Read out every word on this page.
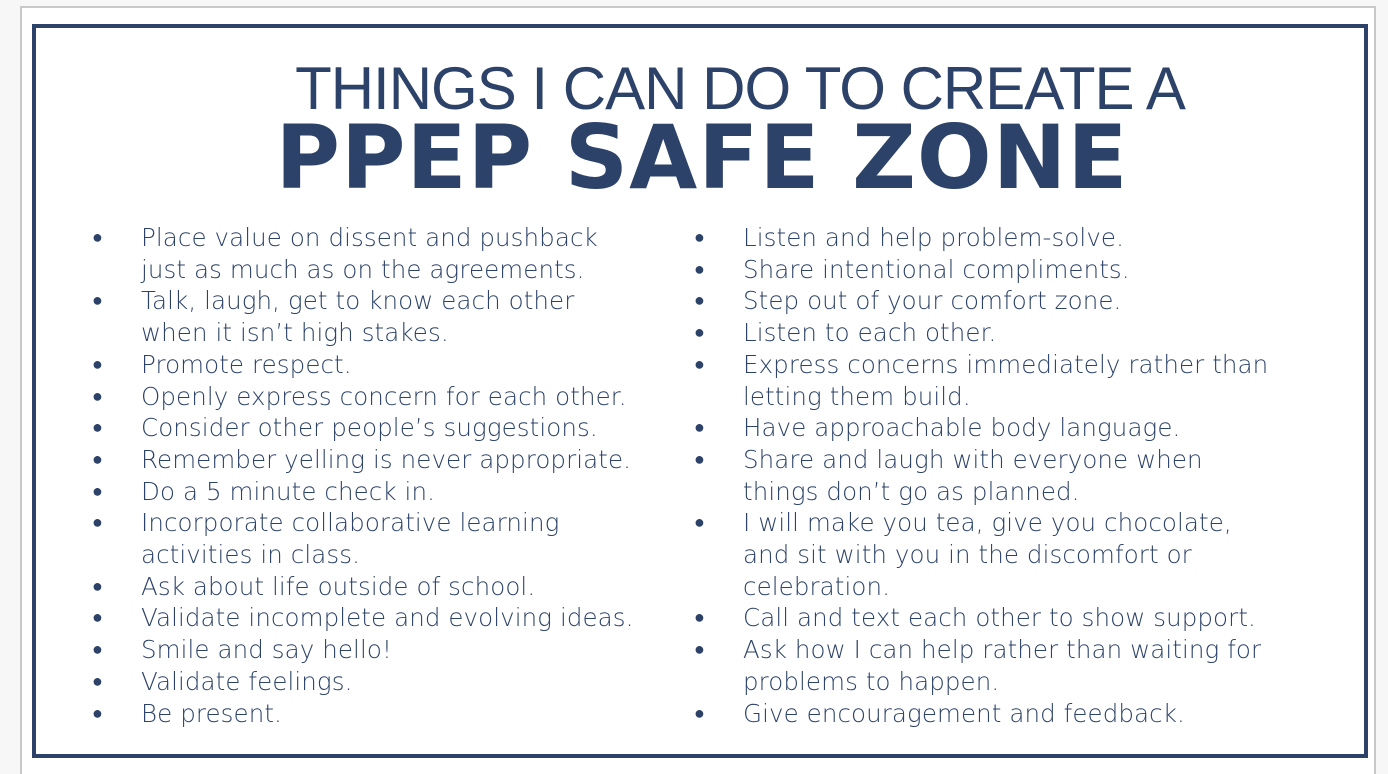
THINGS I CAN DO TO CREATE A
PPEP SAFE ZONE
● Place value on dissent and pushback
just as much as on the agreements.
● Talk, laugh, get to know each other
when it isn’t high stakes.
● Promote respect.
● Openly express concern for each other.
● Consider other people’s suggestions.
● Remember yelling is never appropriate.
● Do a 5 minute check in.
● Incorporate collaborative learning
activities in class.
● Ask about life outside of school.
● Validate incomplete and evolving ideas.
● Smile and say hello!
● Validate feelings.
● Be present.
● Listen and help problem-solve.
● Share intentional compliments.
● Step out of your comfort zone.
● Listen to each other.
● Express concerns immediately rather than
letting them build.
● Have approachable body language.
● Share and laugh with everyone when
things don’t go as planned.
● I will make you tea, give you chocolate,
and sit with you in the discomfort or
celebration.
● Call and text each other to show support.
● Ask how I can help rather than waiting for
problems to happen.
● Give encouragement and feedback.
